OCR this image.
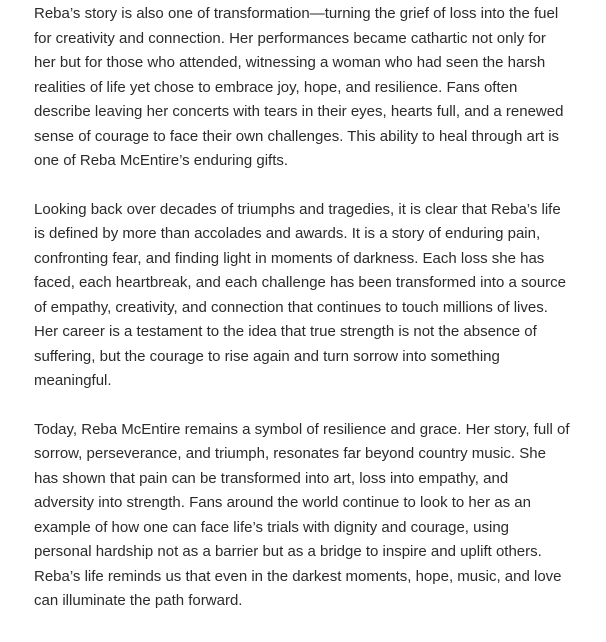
Reba’s story is also one of transformation—turning the grief of loss into the fuel
for creativity and connection. Her performances became cathartic not only for
her but for those who attended, witnessing a woman who had seen the harsh
realities of life yet chose to embrace joy, hope, and resilience. Fans often
describe leaving her concerts with tears in their eyes, hearts full, and a renewed
sense of courage to face their own challenges. This ability to heal through art is
one of Reba McEntire’s enduring gifts.

Looking back over decades of triumphs and tragedies, it is clear that Reba’s life
is defined by more than accolades and awards. It is a story of enduring pain,
confronting fear, and finding light in moments of darkness. Each loss she has
faced, each heartbreak, and each challenge has been transformed into a source
of empathy, creativity, and connection that continues to touch millions of lives.
Her career is a testament to the idea that true strength is not the absence of
suffering, but the courage to rise again and turn sorrow into something
meaningful.

Today, Reba McEntire remains a symbol of resilience and grace. Her story, full of
sorrow, perseverance, and triumph, resonates far beyond country music. She
has shown that pain can be transformed into art, loss into empathy, and
adversity into strength. Fans around the world continue to look to her as an
example of how one can face life’s trials with dignity and courage, using
personal hardship not as a barrier but as a bridge to inspire and uplift others.
Reba’s life reminds us that even in the darkest moments, hope, music, and love
can illuminate the path forward.
